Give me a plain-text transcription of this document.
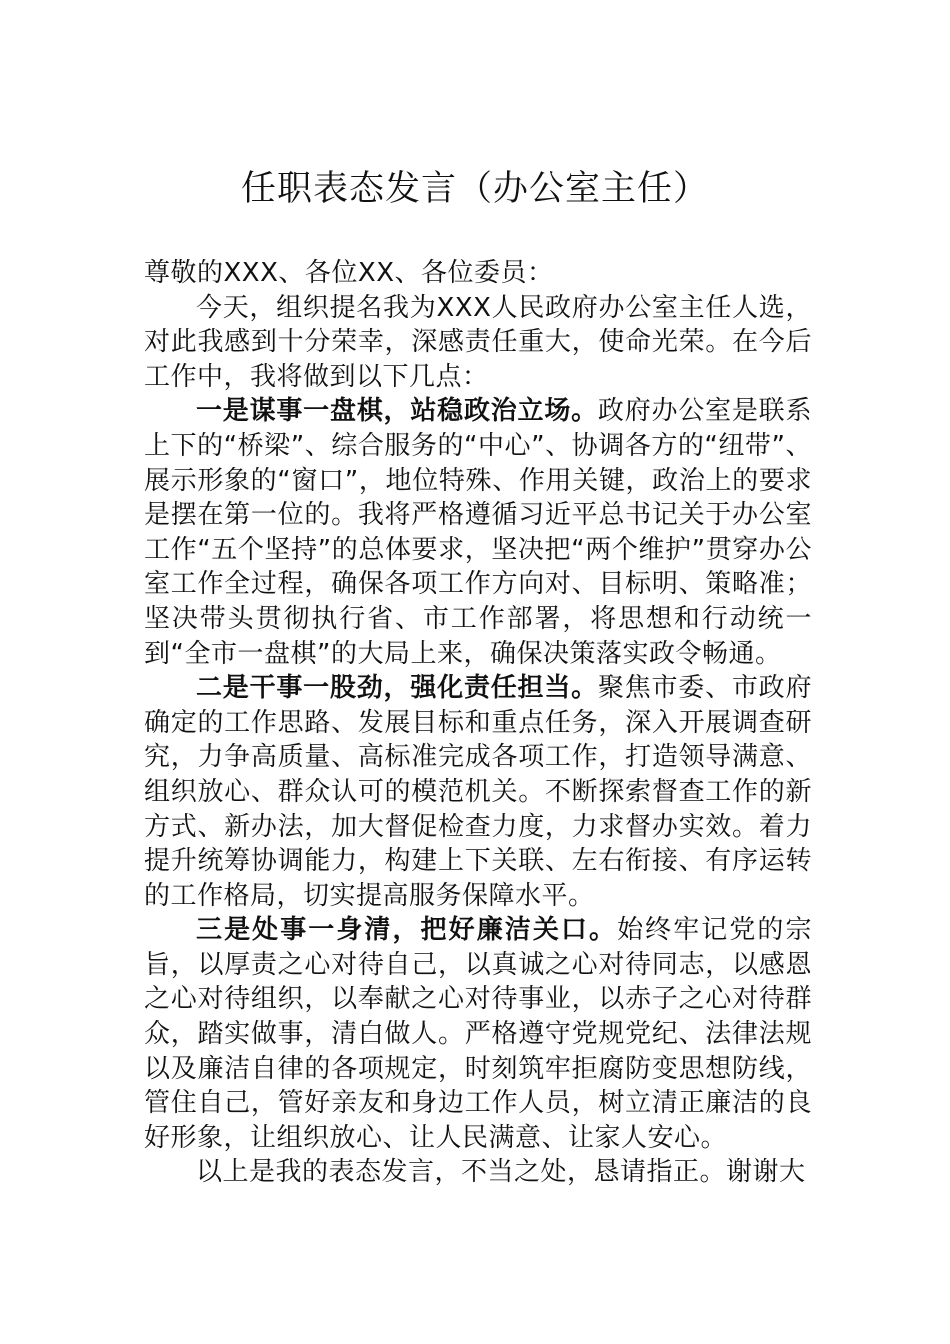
任职表态发言（办公室主任）

尊敬的XXX、各位XX、各位委员：

今天，组织提名我为XXX人民政府办公室主任人选，对此我感到十分荣幸，深感责任重大，使命光荣。在今后工作中，我将做到以下几点：

一是谋事一盘棋，站稳政治立场。政府办公室是联系上下的“桥梁”、综合服务的“中心”、协调各方的“纽带”、展示形象的“窗口”，地位特殊、作用关键，政治上的要求是摆在第一位的。我将严格遵循习近平总书记关于办公室工作“五个坚持”的总体要求，坚决把“两个维护”贯穿办公室工作全过程，确保各项工作方向对、目标明、策略准；坚决带头贯彻执行省、市工作部署，将思想和行动统一到“全市一盘棋”的大局上来，确保决策落实政令畅通。

二是干事一股劲，强化责任担当。聚焦市委、市政府确定的工作思路、发展目标和重点任务，深入开展调查研究，力争高质量、高标准完成各项工作，打造领导满意、组织放心、群众认可的模范机关。不断探索督查工作的新方式、新办法，加大督促检查力度，力求督办实效。着力提升统筹协调能力，构建上下关联、左右衔接、有序运转的工作格局，切实提高服务保障水平。

三是处事一身清，把好廉洁关口。始终牢记党的宗旨，以厚责之心对待自己，以真诚之心对待同志，以感恩之心对待组织，以奉献之心对待事业，以赤子之心对待群众，踏实做事，清白做人。严格遵守党规党纪、法律法规以及廉洁自律的各项规定，时刻筑牢拒腐防变思想防线，管住自己，管好亲友和身边工作人员，树立清正廉洁的良好形象，让组织放心、让人民满意、让家人安心。

以上是我的表态发言，不当之处，恳请指正。谢谢大
